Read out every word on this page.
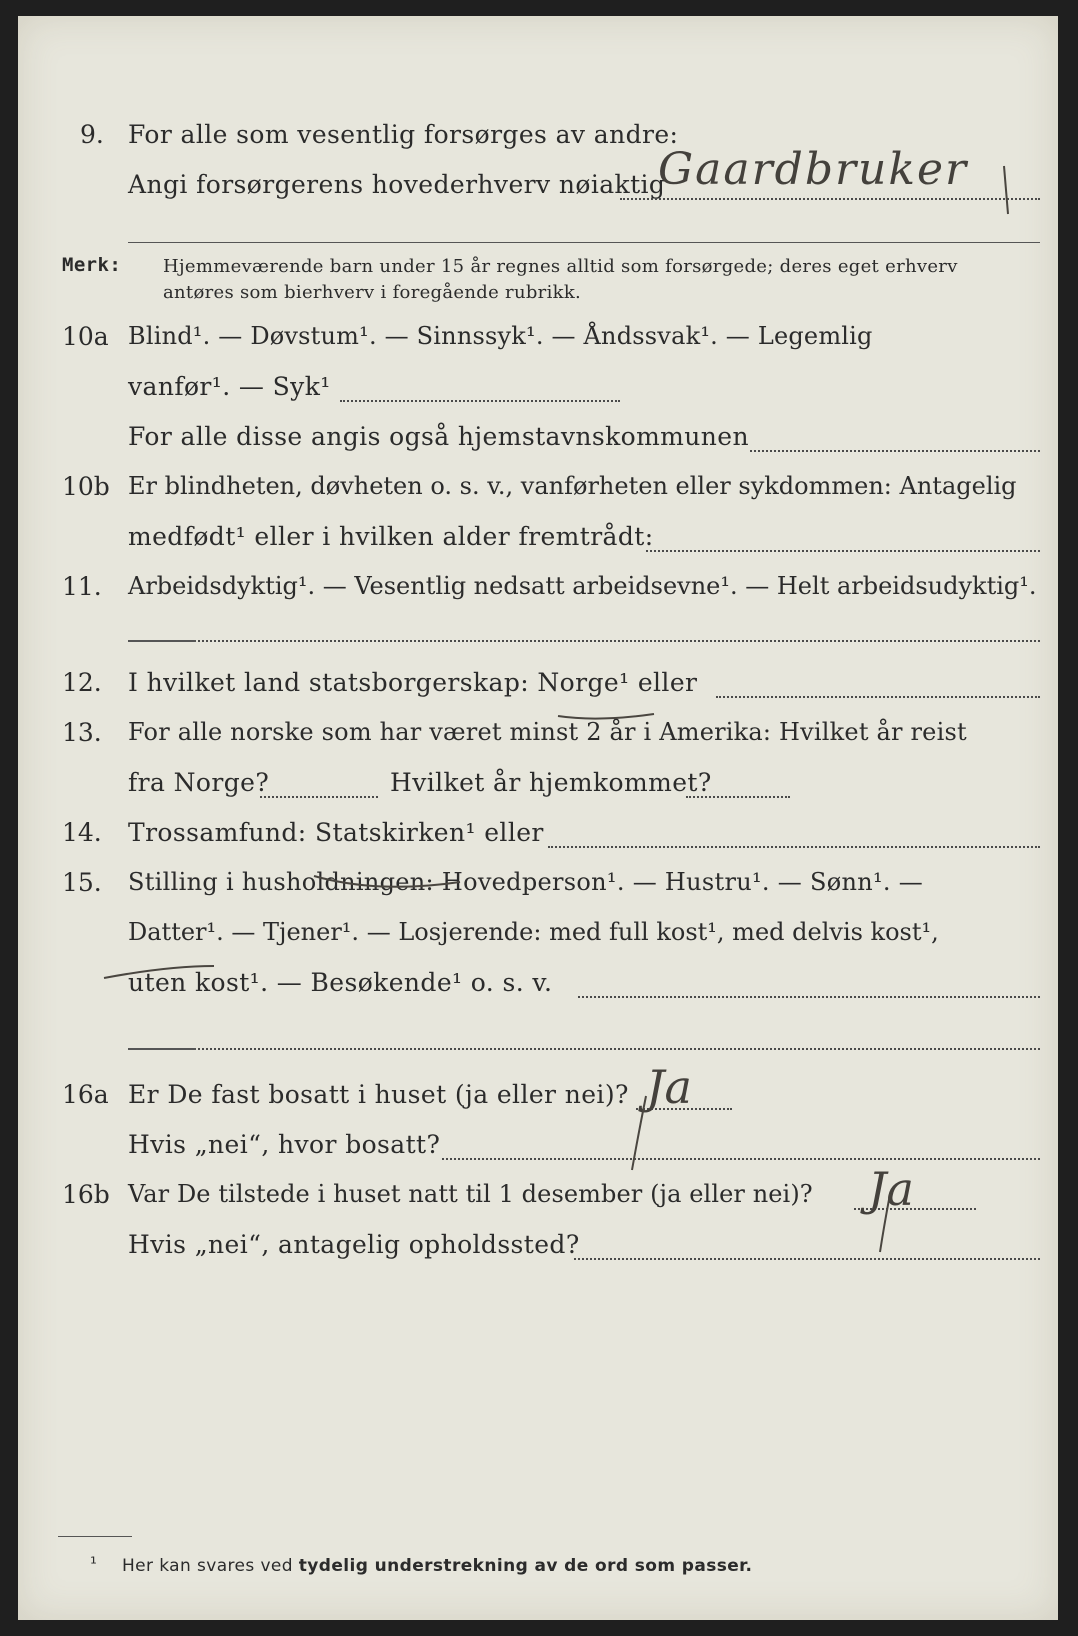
9. For alle som vesentlig forsørges av andre:
Angi forsørgerens hovederhverv nøiaktig
Gaardbruker
Merk: Hjemmeværende barn under 15 år regnes alltid som forsørgede; deres eget erhverv
antøres som bierhverv i foregående rubrikk.
10a Blind¹. — Døvstum¹. — Sinnssyk¹. — Åndssvak¹. — Legemlig
vanfør¹. — Syk¹
For alle disse angis også hjemstavnskommunen
10b Er blindheten, døvheten o. s. v., vanførheten eller sykdommen: Antagelig
medfødt¹ eller i hvilken alder fremtrådt:
11. Arbeidsdyktig¹. — Vesentlig nedsatt arbeidsevne¹. — Helt arbeidsudyktig¹.
12. I hvilket land statsborgerskap: Norge¹ eller
13. For alle norske som har været minst 2 år i Amerika: Hvilket år reist
fra Norge?	Hvilket år hjemkommet?
14. Trossamfund: Statskirken¹ eller
15. Stilling i husholdningen: Hovedperson¹. — Hustru¹. — Sønn¹. —
Datter¹. — Tjener¹. — Losjerende: med full kost¹, med delvis kost¹,
uten kost¹. — Besøkende¹ o. s. v.
16a Er De fast bosatt i huset (ja eller nei)? Ja
Hvis „nei“, hvor bosatt?
16b Var De tilstede i huset natt til 1 desember (ja eller nei)? Ja
Hvis „nei“, antagelig opholdssted?
¹ Her kan svares ved tydelig understrekning av de ord som passer.
